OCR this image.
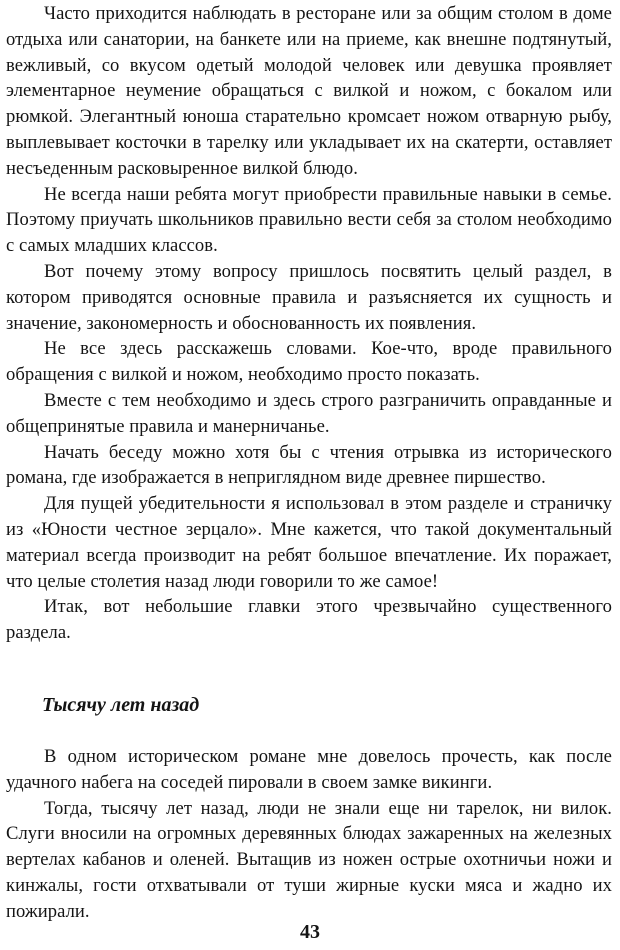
Часто приходится наблюдать в ресторане или за общим столом в доме отдыха или санатории, на банкете или на приеме, как внешне подтянутый, вежливый, со вкусом одетый молодой человек или девушка проявляет элементарное неумение обращаться с вилкой и ножом, с бокалом или рюмкой. Элегантный юноша старательно кромсает ножом отварную рыбу, выплевывает косточки в тарелку или укладывает их на скатерти, оставляет несъеденным расковыренное вилкой блюдо.

Не всегда наши ребята могут приобрести правильные навыки в семье. Поэтому приучать школьников правильно вести себя за столом необходимо с самых младших классов.

Вот почему этому вопросу пришлось посвятить целый раздел, в котором приводятся основные правила и разъясняется их сущность и значение, закономерность и обоснованность их появления.

Не все здесь расскажешь словами. Кое-что, вроде правильного обращения с вилкой и ножом, необходимо просто показать.

Вместе с тем необходимо и здесь строго разграничить оправданные и общепринятые правила и манерничанье.

Начать беседу можно хотя бы с чтения отрывка из исторического романа, где изображается в неприглядном виде древнее пиршество.

Для пущей убедительности я использовал в этом разделе и страничку из «Юности честное зерцало». Мне кажется, что такой документальный материал всегда производит на ребят большое впечатление. Их поражает, что целые столетия назад люди говорили то же самое!

Итак, вот небольшие главки этого чрезвычайно существенного раздела.

Тысячу лет назад

В одном историческом романе мне довелось прочесть, как после удачного набега на соседей пировали в своем замке викинги.

Тогда, тысячу лет назад, люди не знали еще ни тарелок, ни вилок. Слуги вносили на огромных деревянных блюдах зажаренных на железных вертелах кабанов и оленей. Вытащив из ножен острые охотничьи ножи и кинжалы, гости отхватывали от туши жирные куски мяса и жадно их пожирали.

43
